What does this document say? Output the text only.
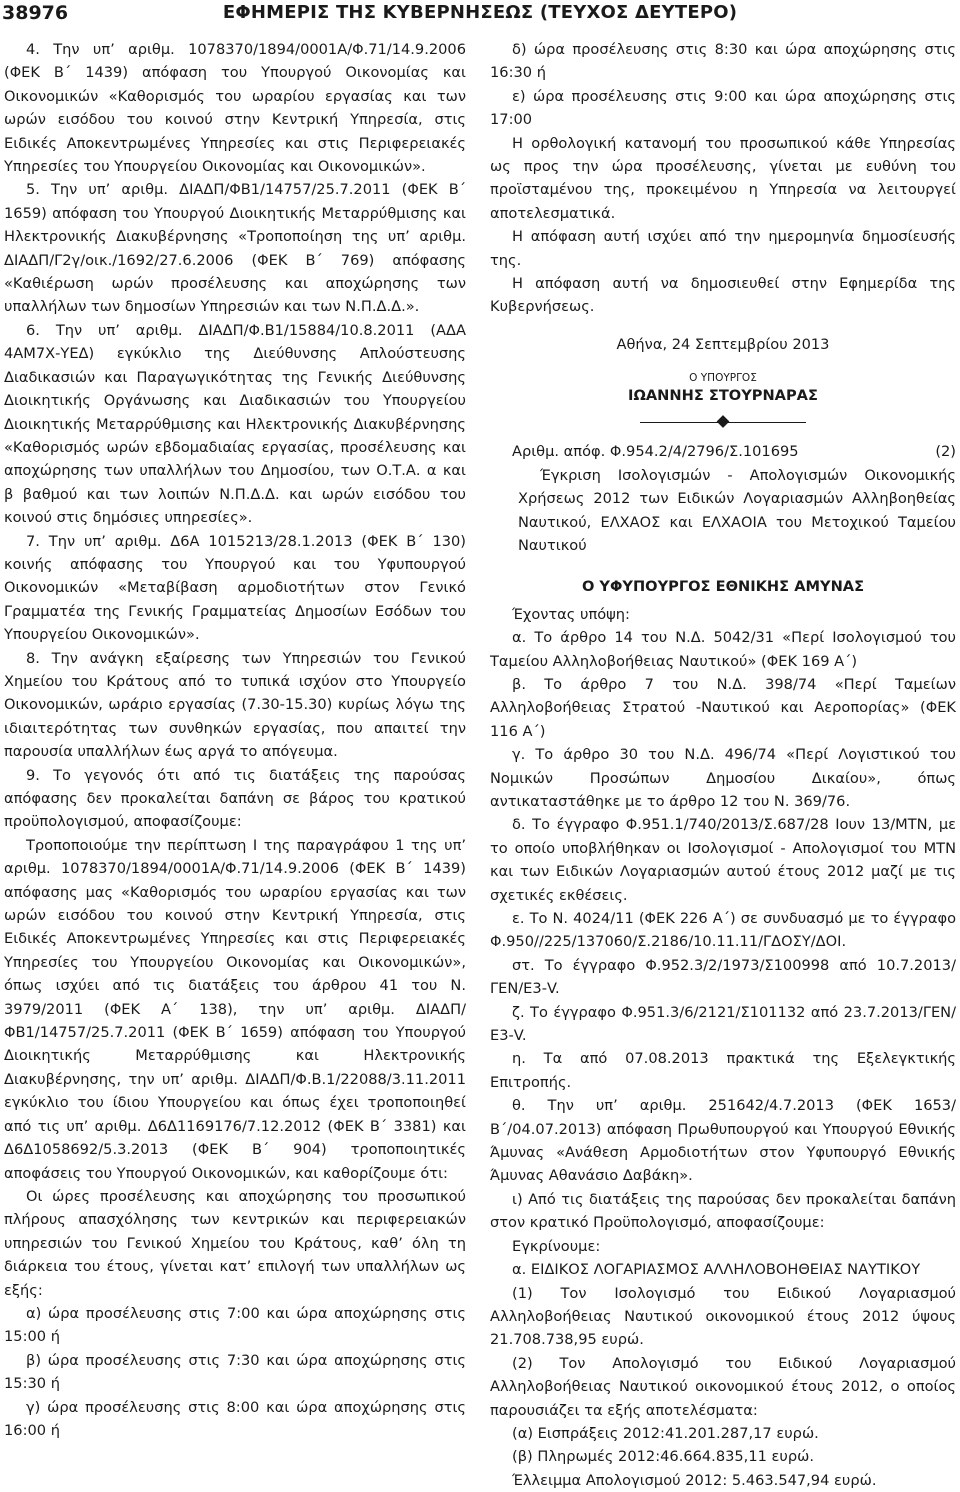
38976	ΕΦΗΜΕΡΙΣ ΤΗΣ ΚΥΒΕΡΝΗΣΕΩΣ (ΤΕΥΧΟΣ ΔΕΥΤΕΡΟ)

4. Την υπ’ αριθμ. 1078370/1894/0001Α/Φ.71/14.9.2006 (ΦΕΚ Β΄ 1439) απόφαση του Υπουργού Οικονομίας και Οικονομικών «Καθορισμός του ωραρίου εργασίας και των ωρών εισόδου του κοινού στην Κεντρική Υπηρεσία, στις Ειδικές Αποκεντρωμένες Υπηρεσίες και στις Περιφερειακές Υπηρεσίες του Υπουργείου Οικονομίας και Οικονομικών».

5. Την υπ’ αριθμ. ΔΙΑΔΠ/ΦΒ1/14757/25.7.2011 (ΦΕΚ Β΄ 1659) απόφαση του Υπουργού Διοικητικής Μεταρρύθμισης και Ηλεκτρονικής Διακυβέρνησης «Τροποποίηση της υπ’ αριθμ. ΔΙΑΔΠ/Γ2γ/οικ./1692/27.6.2006 (ΦΕΚ Β΄ 769) απόφασης «Καθιέρωση ωρών προσέλευσης και αποχώρησης των υπαλλήλων των δημοσίων Υπηρεσιών και των Ν.Π.Δ.Δ.».

6. Την υπ’ αριθμ. ΔΙΑΔΠ/Φ.Β1/15884/10.8.2011 (ΑΔΑ 4ΑΜ7Χ-ΥΕΔ) εγκύκλιο της Διεύθυνσης Απλούστευσης Διαδικασιών και Παραγωγικότητας της Γενικής Διεύθυνσης Διοικητικής Οργάνωσης και Διαδικασιών του Υπουργείου Διοικητικής Μεταρρύθμισης και Ηλεκτρονικής Διακυβέρνησης «Καθορισμός ωρών εβδομαδιαίας εργασίας, προσέλευσης και αποχώρησης των υπαλλήλων του Δημοσίου, των Ο.Τ.Α. α και β βαθμού και των λοιπών Ν.Π.Δ.Δ. και ωρών εισόδου του κοινού στις δημόσιες υπηρεσίες».

7. Την υπ’ αριθμ. Δ6Α 1015213/28.1.2013 (ΦΕΚ Β΄ 130) κοινής απόφασης του Υπουργού και του Υφυπουργού Οικονομικών «Μεταβίβαση αρμοδιοτήτων στον Γενικό Γραμματέα της Γενικής Γραμματείας Δημοσίων Εσόδων του Υπουργείου Οικονομικών».

8. Την ανάγκη εξαίρεσης των Υπηρεσιών του Γενικού Χημείου του Κράτους από το τυπικά ισχύον στο Υπουργείο Οικονομικών, ωράριο εργασίας (7.30-15.30) κυρίως λόγω της ιδιαιτερότητας των συνθηκών εργασίας, που απαιτεί την παρουσία υπαλλήλων έως αργά το απόγευμα.

9. Το γεγονός ότι από τις διατάξεις της παρούσας απόφασης δεν προκαλείται δαπάνη σε βάρος του κρατικού προϋπολογισμού, αποφασίζουμε:

Τροποποιούμε την περίπτωση Ι της παραγράφου 1 της υπ’ αριθμ. 1078370/1894/0001Α/Φ.71/14.9.2006 (ΦΕΚ Β΄ 1439) απόφασης μας «Καθορισμός του ωραρίου εργασίας και των ωρών εισόδου του κοινού στην Κεντρική Υπηρεσία, στις Ειδικές Αποκεντρωμένες Υπηρεσίες και στις Περιφερειακές Υπηρεσίες του Υπουργείου Οικονομίας και Οικονομικών», όπως ισχύει από τις διατάξεις του άρθρου 41 του Ν. 3979/2011 (ΦΕΚ Α΄ 138), την υπ’ αριθμ. ΔΙΑΔΠ/ΦΒ1/14757/25.7.2011 (ΦΕΚ Β΄ 1659) απόφαση του Υπουργού Διοικητικής Μεταρρύθμισης και Ηλεκτρονικής Διακυβέρνησης, την υπ’ αριθμ. ΔΙΑΔΠ/Φ.Β.1/22088/3.11.2011 εγκύκλιο του ίδιου Υπουργείου και όπως έχει τροποποιηθεί από τις υπ’ αριθμ. Δ6Δ1169176/7.12.2012 (ΦΕΚ Β΄ 3381) και Δ6Δ1058692/5.3.2013 (ΦΕΚ Β΄ 904) τροποποιητικές αποφάσεις του Υπουργού Οικονομικών, και καθορίζουμε ότι:

Οι ώρες προσέλευσης και αποχώρησης του προσωπικού πλήρους απασχόλησης των κεντρικών και περιφερειακών υπηρεσιών του Γενικού Χημείου του Κράτους, καθ’ όλη τη διάρκεια του έτους, γίνεται κατ’ επιλογή των υπαλλήλων ως εξής:

α) ώρα προσέλευσης στις 7:00 και ώρα αποχώρησης στις 15:00 ή

β) ώρα προσέλευσης στις 7:30 και ώρα αποχώρησης στις 15:30 ή

γ) ώρα προσέλευσης στις 8:00 και ώρα αποχώρησης στις 16:00 ή

δ) ώρα προσέλευσης στις 8:30 και ώρα αποχώρησης στις 16:30 ή

ε) ώρα προσέλευσης στις 9:00 και ώρα αποχώρησης στις 17:00

Η ορθολογική κατανομή του προσωπικού κάθε Υπηρεσίας ως προς την ώρα προσέλευσης, γίνεται με ευθύνη του προϊσταμένου της, προκειμένου η Υπηρεσία να λειτουργεί αποτελεσματικά.

Η απόφαση αυτή ισχύει από την ημερομηνία δημοσίευσής της.

Η απόφαση αυτή να δημοσιευθεί στην Εφημερίδα της Κυβερνήσεως.

Αθήνα, 24 Σεπτεμβρίου 2013

Ο ΥΠΟΥΡΓΟΣ

ΙΩΑΝΝΗΣ ΣΤΟΥΡΝΑΡΑΣ

Αριθμ. απόφ. Φ.954.2/4/2796/Σ.101695	(2)

Έγκριση Ισολογισμών - Απολογισμών Οικονομικής Χρήσεως 2012 των Ειδικών Λογαριασμών Αλληβοηθείας Ναυτικού, ΕΛΧΑΟΣ και ΕΛΧΑΟΙΑ του Μετοχικού Ταμείου Ναυτικού

Ο ΥΦΥΠΟΥΡΓΟΣ ΕΘΝΙΚΗΣ ΑΜΥΝΑΣ

Έχοντας υπόψη:

α. Το άρθρο 14 του Ν.Δ. 5042/31 «Περί Ισολογισμού του Ταμείου Αλληλοβοήθειας Ναυτικού» (ΦΕΚ 169 Α΄)

β. Το άρθρο 7 του Ν.Δ. 398/74 «Περί Ταμείων Αλληλοβοήθειας Στρατού -Ναυτικού και Αεροπορίας» (ΦΕΚ 116 Α΄)

γ. Το άρθρο 30 του Ν.Δ. 496/74 «Περί Λογιστικού του Νομικών Προσώπων Δημοσίου Δικαίου», όπως αντικαταστάθηκε με το άρθρο 12 του Ν. 369/76.

δ. Το έγγραφο Φ.951.1/740/2013/Σ.687/28 Ιουν 13/ΜΤΝ, με το οποίο υποβλήθηκαν οι Ισολογισμοί - Απολογισμοί του ΜΤΝ και των Ειδικών Λογαριασμών αυτού έτους 2012 μαζί με τις σχετικές εκθέσεις.

ε. Το Ν. 4024/11 (ΦΕΚ 226 Α΄) σε συνδυασμό με το έγγραφο Φ.950//225/137060/Σ.2186/10.11.11/ΓΔΟΣΥ/ΔΟΙ.

στ. Το έγγραφο Φ.952.3/2/1973/Σ100998 από 10.7.2013/ΓΕΝ/Ε3-V.

ζ. Το έγγραφο Φ.951.3/6/2121/Σ101132 από 23.7.2013/ΓΕΝ/Ε3-V.

η. Τα από 07.08.2013 πρακτικά της Εξελεγκτικής Επιτροπής.

θ. Την υπ’ αριθμ. 251642/4.7.2013 (ΦΕΚ 1653/Β΄/04.07.2013) απόφαση Πρωθυπουργού και Υπουργού Εθνικής Άμυνας «Ανάθεση Αρμοδιοτήτων στον Υφυπουργό Εθνικής Άμυνας Αθανάσιο Δαβάκη».

ι) Από τις διατάξεις της παρούσας δεν προκαλείται δαπάνη στον κρατικό Προϋπολογισμό, αποφασίζουμε:

Εγκρίνουμε:

α. ΕΙΔΙΚΟΣ ΛΟΓΑΡΙΑΣΜΟΣ ΑΛΛΗΛΟΒΟΗΘΕΙΑΣ ΝΑΥΤΙΚΟΥ

(1) Τον Ισολογισμό του Ειδικού Λογαριασμού Αλληλοβοήθειας Ναυτικού οικονομικού έτους 2012 ύψους 21.708.738,95 ευρώ.

(2) Τον Απολογισμό του Ειδικού Λογαριασμού Αλληλοβοήθειας Ναυτικού οικονομικού έτους 2012, ο οποίος παρουσιάζει τα εξής αποτελέσματα:

(α) Εισπράξεις 2012:41.201.287,17 ευρώ.

(β) Πληρωμές 2012:46.664.835,11 ευρώ.

Έλλειμμα Απολογισμού 2012: 5.463.547,94 ευρώ.
